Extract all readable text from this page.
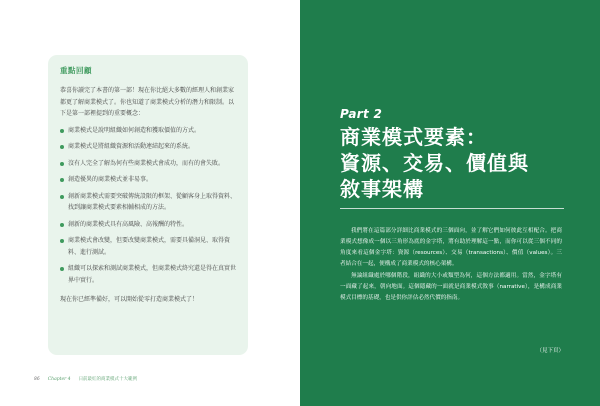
重點回顧

恭喜你讀完了本書的第一部！現在你比絕大多數的經理人和創業家都更了解商業模式了。你也知道了商業模式分析的潛力和限制。以下是第一部裡提到的重要概念：

商業模式是說明組織如何創造和獲取價值的方式。
商業模式是將組織資源和活動連結起來的系統。
沒有人完全了解為何有些商業模式會成功，而有的會失敗。
創造優異的商業模式並非易事。
創新商業模式需要突破傳統設限的框架、從顧客身上取得資料、找到讓商業模式要素相輔相成的方法。
創新的商業模式具有高風險、高報酬的特性。
商業模式會改變，但要改變商業模式，需要具備洞見、取得資料、進行測試。
組織可以探索和測試商業模式，但商業模式終究還是得在真實世界中實行。

現在你已經準備好，可以開始從零打造商業模式了！

86 Chapter 4 日前最紅的商業模式十大範例
Part 2
商業模式要素：
資源、交易、價值與
敘事架構

我們將在這篇部分詳細比商業模式的三個面向，並了解它們如何彼此互相配合。把商業模式想像成一個以三角形為底的金字塔，將有助於理解這一點，而你可以從三個不同的角度來看這個金字塔：資源（resources）、交易（transactions）、價值（values）。三者結合在一起，便構成了商業模式的核心架構。

無論組織處於哪個階段，組織的大小或類型為何，這個方法都適用。當然，金字塔有一面藏了起來，朝向地面。這個隱藏的一面就是商業模式敘事（narrative），是構成商業模式目標的基礎，也是供你評估必然代價的指南。

（見下頁）
